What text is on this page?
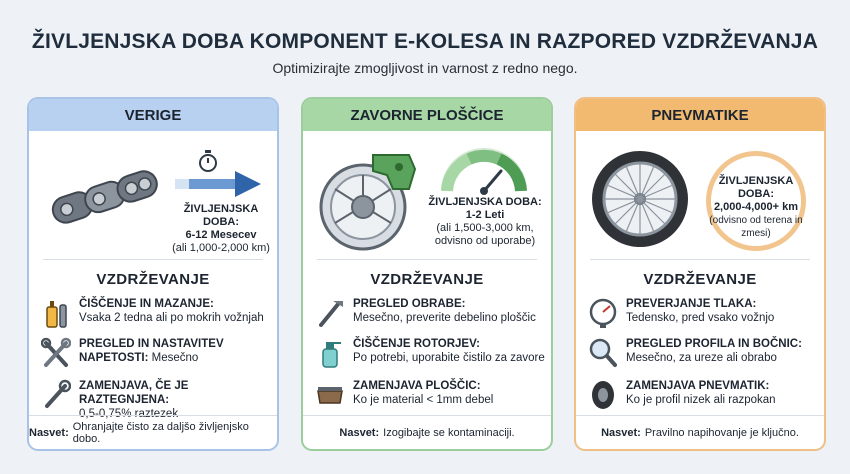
ŽIVLJENJSKA DOBA KOMPONENT E-KOLESA IN RAZPORED VZDRŽEVANJA
Optimizirajte zmogljivost in varnost z redno nego.
VERIGE
ŽIVLJENJSKA DOBA:
6-12 Mesecev
(ali 1,000-2,000 km)
VZDRŽEVANJE
ČIŠČENJE IN MAZANJE:
Vsaka 2 tedna ali po mokrih vožnjah
PREGLED IN NASTAVITEV NAPETOSTI: Mesečno
ZAMENJAVA, ČE JE RAZTEGNJENA:
0,5-0,75% raztezek
Nasvet: Ohranjajte čisto za daljšo življenjsko dobo.
ZAVORNE PLOŠČICE
ŽIVLJENJSKA DOBA:
1-2 Leti
(ali 1,500-3,000 km, odvisno od uporabe)
VZDRŽEVANJE
PREGLED OBRABE:
Mesečno, preverite debelino ploščic
ČIŠČENJE ROTORJEV:
Po potrebi, uporabite čistilo za zavore
ZAMENJAVA PLOŠČIC:
Ko je material < 1mm debel
Nasvet: Izogibajte se kontaminaciji.
PNEVMATIKE
ŽIVLJENJSKA DOBA:
2,000-4,000+ km
(odvisno od terena in zmesi)
VZDRŽEVANJE
PREVERJANJE TLAKA:
Tedensko, pred vsako vožnjo
PREGLED PROFILA IN BOČNIC:
Mesečno, za ureze ali obrabo
ZAMENJAVA PNEVMATIK:
Ko je profil nizek ali razpokan
Nasvet: Pravilno napihovanje je ključno.
